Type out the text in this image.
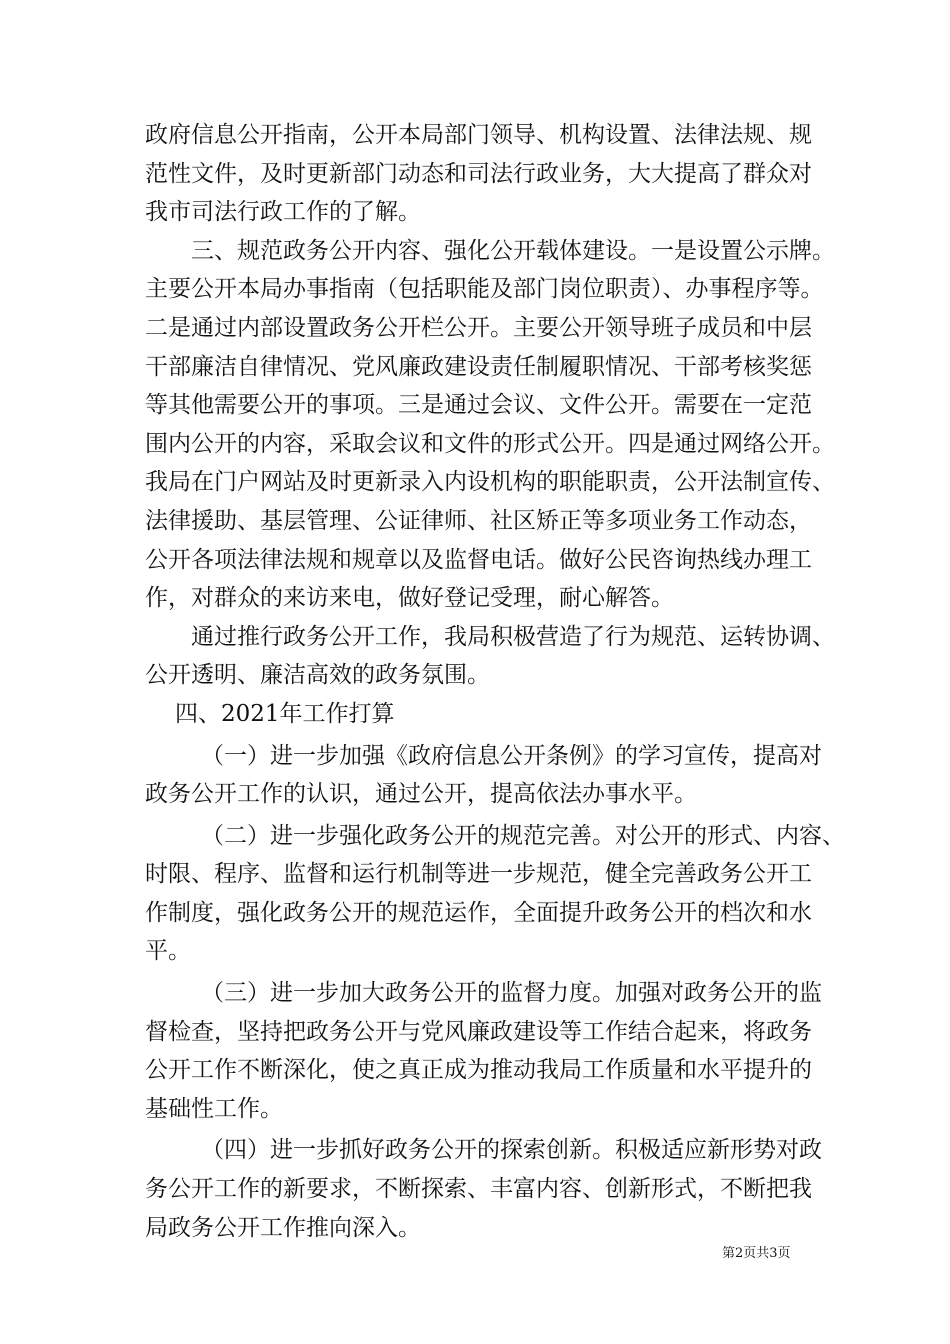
政府信息公开指南，公开本局部门领导、机构设置、法律法规、规
范性文件，及时更新部门动态和司法行政业务，大大提高了群众对
我市司法行政工作的了解。
三、规范政务公开内容、强化公开载体建设。一是设置公示牌。
主要公开本局办事指南（包括职能及部门岗位职责）、办事程序等。
二是通过内部设置政务公开栏公开。主要公开领导班子成员和中层
干部廉洁自律情况、党风廉政建设责任制履职情况、干部考核奖惩
等其他需要公开的事项。三是通过会议、文件公开。需要在一定范
围内公开的内容，采取会议和文件的形式公开。四是通过网络公开。
我局在门户网站及时更新录入内设机构的职能职责，公开法制宣传、
法律援助、基层管理、公证律师、社区矫正等多项业务工作动态，
公开各项法律法规和规章以及监督电话。做好公民咨询热线办理工
作，对群众的来访来电，做好登记受理，耐心解答。
通过推行政务公开工作，我局积极营造了行为规范、运转协调、
公开透明、廉洁高效的政务氛围。
四、2021年工作打算
（一）进一步加强《政府信息公开条例》的学习宣传，提高对
政务公开工作的认识，通过公开，提高依法办事水平。
（二）进一步强化政务公开的规范完善。对公开的形式、内容、
时限、程序、监督和运行机制等进一步规范，健全完善政务公开工
作制度，强化政务公开的规范运作，全面提升政务公开的档次和水
平。
（三）进一步加大政务公开的监督力度。加强对政务公开的监
督检查，坚持把政务公开与党风廉政建设等工作结合起来，将政务
公开工作不断深化，使之真正成为推动我局工作质量和水平提升的
基础性工作。
（四）进一步抓好政务公开的探索创新。积极适应新形势对政
务公开工作的新要求，不断探索、丰富内容、创新形式，不断把我
局政务公开工作推向深入。
第2页共3页
